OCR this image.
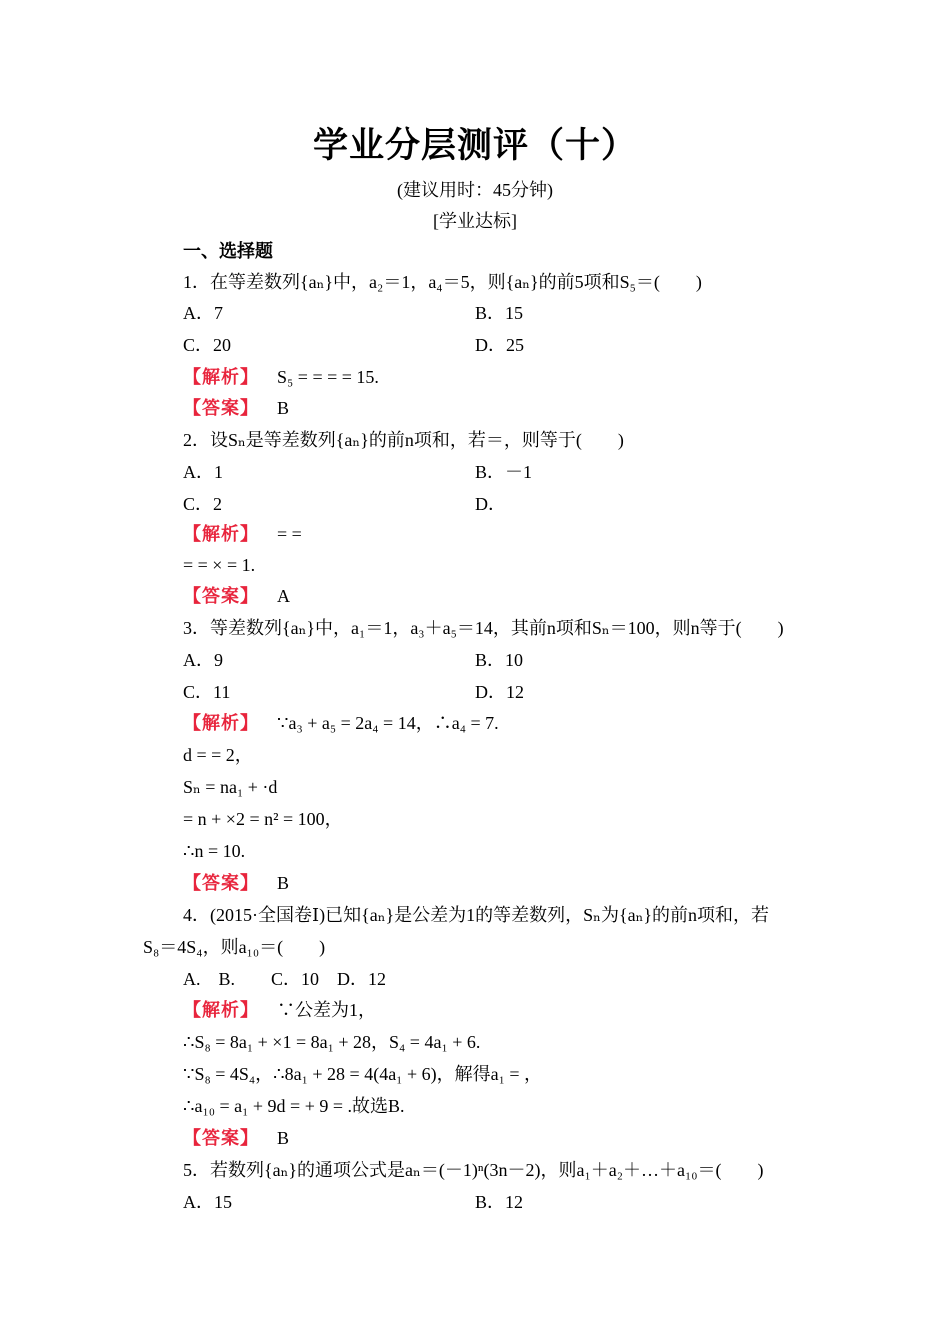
学业分层测评（十）
(建议用时：45分钟)
[学业达标]
一、选择题
1．在等差数列{aₙ}中，a₂＝1，a₄＝5，则{aₙ}的前5项和S₅＝(　　)
A．7	B．15
C．20	D．25
【解析】 S₅ = = = = 15.
【答案】 B
2．设Sₙ是等差数列{aₙ}的前n项和，若＝，则等于(　　)
A．1	B．－1
C．2	D．
【解析】 = =
= = × = 1.
【答案】 A
3．等差数列{aₙ}中，a₁＝1，a₃＋a₅＝14，其前n项和Sₙ＝100，则n等于(　　)
A．9	B．10
C．11	D．12
【解析】 ∵a₃ + a₅ = 2a₄ = 14，∴a₄ = 7.
d = = 2，
Sₙ = na₁ + ·d
= n + ×2 = n² = 100，
∴n = 10.
【答案】 B
4．(2015·全国卷Ⅰ)已知{aₙ}是公差为1的等差数列，Sₙ为{aₙ}的前n项和，若
S₈＝4S₄，则a₁₀＝(　　)
A.　B.　　C．10　D．12
【解析】 ∵公差为1，
∴S₈ = 8a₁ + ×1 = 8a₁ + 28，S₄ = 4a₁ + 6.
∵S₈ = 4S₄，∴8a₁ + 28 = 4(4a₁ + 6)，解得a₁ = ，
∴a₁₀ = a₁ + 9d = + 9 = .故选B.
【答案】 B
5．若数列{aₙ}的通项公式是aₙ＝(－1)ⁿ(3n－2)，则a₁＋a₂＋…＋a₁₀＝(　　)
A．15	B．12
